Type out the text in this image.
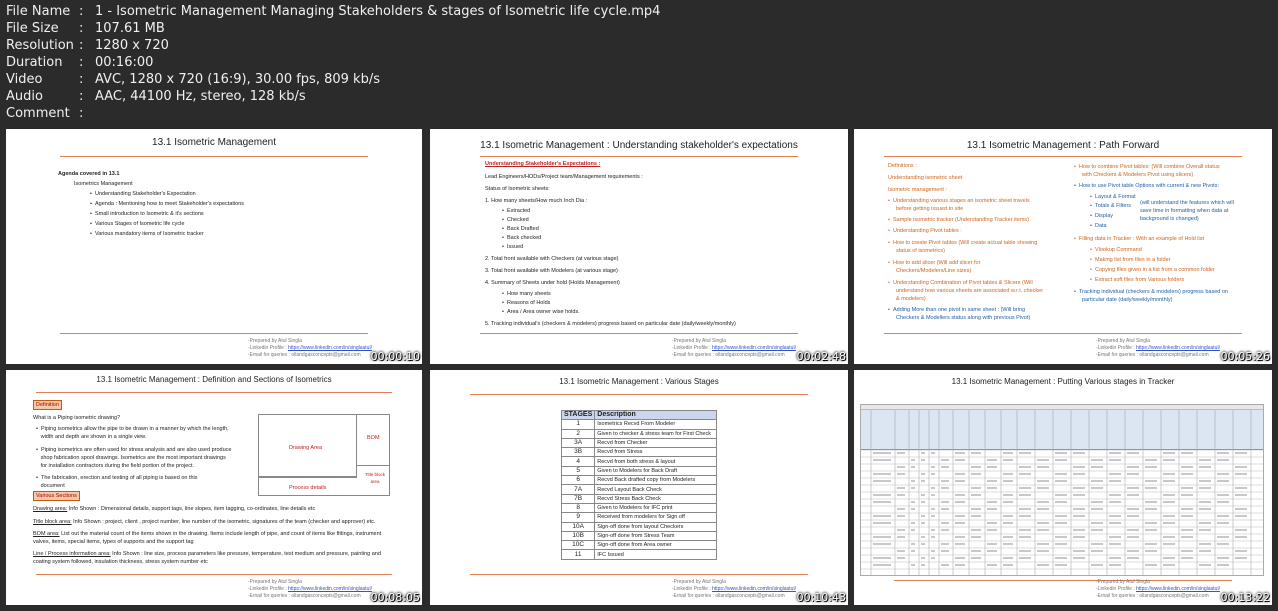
File Name : 1 - Isometric Management Managing Stakeholders & stages of Isometric life cycle.mp4
File Size	: 107.61 MB
Resolution : 1280 x 720
Duration	: 00:16:00
Video	: AVC, 1280 x 720 (16:9), 30.00 fps, 809 kb/s
Audio	: AAC, 44100 Hz, stereo, 128 kb/s
Comment :
13.1 Isometric Management
Agenda covered in 13.1
Isometrics Management
•  Understanding Stakeholder's Expectation
•  Agenda : Mentioning how to meet Stakeholder's expectations
•  Small introduction to Isometric & it's sections
•  Various Stages of Isometric life cycle
•  Various mandatory items of Isometric tracker
-Prepared by Atul Singla
-Linkedin Profile : https://www.linkedin.com/in/singlaatul/
-Email for queries : oilandgasconcepts@gmail.com 00:00:10
13.1 Isometric Management : Understanding stakeholder's expectations
Understanding Stakeholder's Expectations :
Lead Engineers/HODs/Project team/Management requirements :
Status of Isometric sheets:
1. How many sheets/How much Inch Dia :
•  Extracted
•  Checked
•  Back Drafted
•  Back checked
•  Issued
2. Total front available with Checkers (at various stage)
3. Total front available with Modelers (at various stage)
4. Summary of Sheets under hold (Holds Management)
•  How many sheets
•  Reasons of Holds
•  Area / Area owner wise holds.
5. Tracking individual's (checkers & modelers) progress based on particular date (daily/weekly/monthly)
-Prepared by Atul Singla
-Linkedin Profile : https://www.linkedin.com/in/singlaatul/
-Email for queries : oilandgasconcepts@gmail.com	00:02:48
13.1 Isometric Management : Path Forward
Definitions :
Understanding isometric sheet
Isometric management :
•  Understanding various stages an isometric sheet travels
before getting issued to site
•  Sample isometric tracker (Understanding Tracker items)
•  Understanding Pivot tables :
•  How to create Pivot tables (Will create actual table showing
status of isometrics)
•  How to add slicer (Will add slicer for
Checkers/Modelers/Line sizes)
•  Understanding Combination of Pivot tables & Slicers (Will
understand how various sheets are associated w.r.t. checker
& modelers)
•  Adding More than one pivot in same sheet : (Will bring
Checkers & Modellers status along with previous Pivot)
•  How to combine Pivot tables: (Will combine Overall status
with Checkers & Modelers Pivot using slicers)
•  How to use Pivot table Options with current & new Pivots:
•  Layout & Format
•  Totals & Filters
•  Display
•  Data
(will understand the features which will
save time in formatting when data at
background is changed)
•  Filling data in Tracker : With an example of Hold list
•  Vlookup Command
•  Making list from files in a folder
•  Copying files given in a list from a common folder
•  Extract soft files from Various folders
•  Tracking individual (checkers & modelers) progress based on
particular date (daily/weekly/monthly)
-Prepared by Atul Singla
-Linkedin Profile : https://www.linkedin.com/in/singlaatul/
-Email for queries : oilandgasconcepts@gmail.com	00:05:26
13.1 Isometric Management : Definition and Sections of Isometrics
Definition
What is a Piping isometric drawing?
•  Piping isometrics allow the pipe to be drawn in a manner by which the length,
width and depth are shown in a single view.
•  Piping isometrics are often used for stress analysis and are also used produce
shop fabrication spool drawings. Isometrics are the most important drawings
for installation contractors during the field portion of the project.
•  The fabrication, erection and testing of all piping is based on this
document
Drawing Area
BOM
Title block area
Process details
Various Sections
Drawing area: Info Shown : Dimensional details, support tags, line slopes, item tagging, co-ordinates, line details etc
Title block area: Info Shown : project, client , project number, line number of the isometric, signatures of the team (checker and approver) etc.
BOM area: List out the material count of the items shown in the drawing. Items include length of pipe, and count of items like fittings, instrument
valves, items, special items, types of supports and the support tag
Line / Process information area: Info Shown : line size, process parameters like pressure, temperature, test medium and pressure, painting and
coating system followed, insulation thickness, stress system number etc
-Prepared by Atul Singla
-Linkedin Profile : https://www.linkedin.com/in/singlaatul/
-Email for queries : oilandgasconcepts@gmail.com 00:08:05
13.1 Isometric Management : Various Stages
STAGES	Description
1	Isometrics Recvd From Modeler
2	Given to checker & stress team for First Check
3A	Recvd from Checker
3B	Recvd from Stress
4	Recvd from both stress & layout
5	Given to Modelers for Back Draft
6	Recvd Back drafted copy from Modelers
7A	Recvd Layout Back Check
7B	Recvd Stress Back Check
8	Given to Modelers for IFC print
9	Received from modelers for Sign off
10A	Sign-off done from layout Checkers
10B	Sign-off done from Stress Team
10C	Sign-off done from Area owner
11	IFC Issued
-Prepared by Atul Singla
-Linkedin Profile : https://www.linkedin.com/in/singlaatul/
-Email for queries : oilandgasconcepts@gmail.com	00:10:43
13.1 Isometric Management : Putting Various stages in Tracker
-Prepared by Atul Singla
-Linkedin Profile : https://www.linkedin.com/in/singlaatul/
-Email for queries : oilandgasconcepts@gmail.com	00:13:22
